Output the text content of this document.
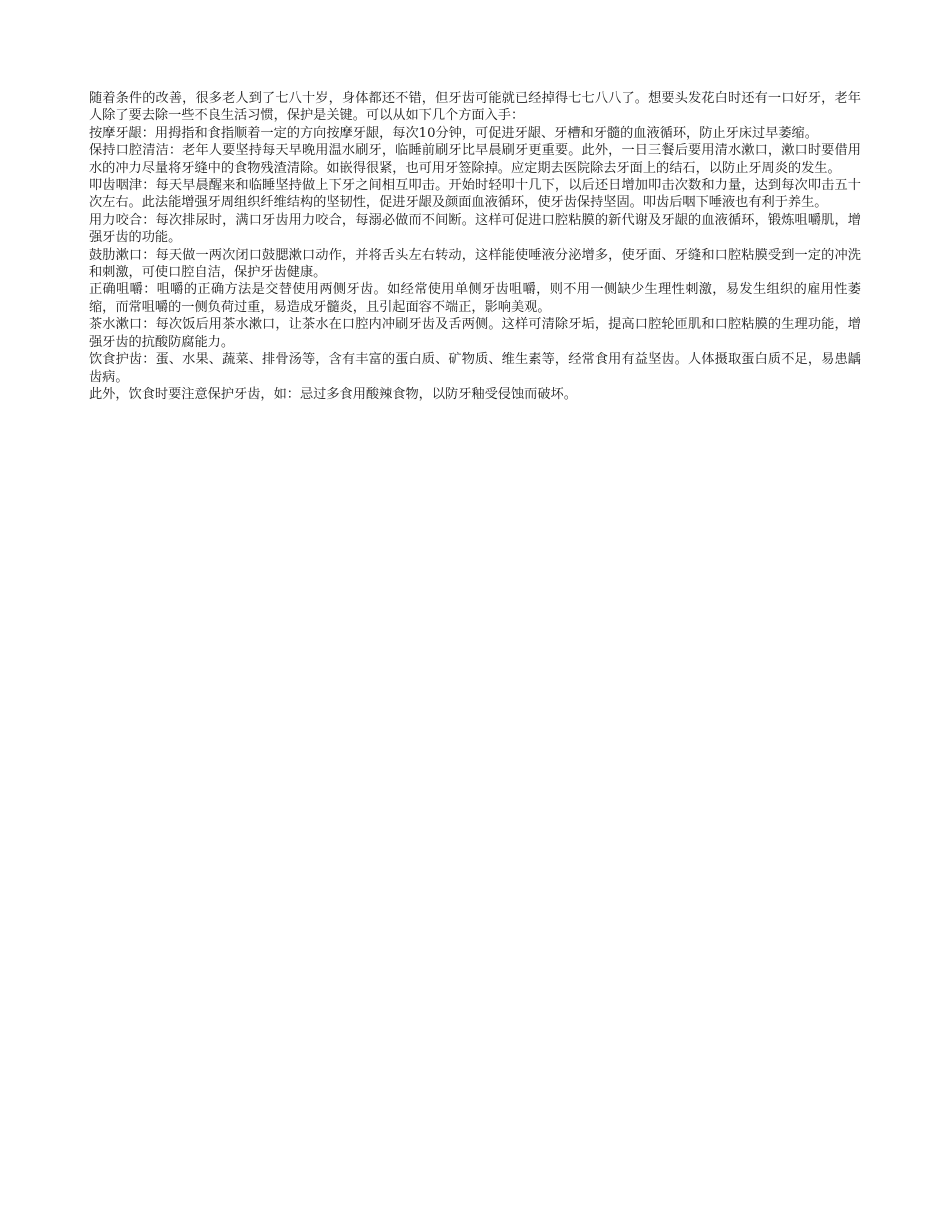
随着条件的改善，很多老人到了七八十岁，身体都还不错，但牙齿可能就已经掉得七七八八了。想要头发花白时还有一口好牙，老年人除了要去除一些不良生活习惯，保护是关键。可以从如下几个方面入手：

按摩牙龈：用拇指和食指顺着一定的方向按摩牙龈，每次10分钟，可促进牙龈、牙槽和牙髓的血液循环，防止牙床过早萎缩。

保持口腔清洁：老年人要坚持每天早晚用温水刷牙，临睡前刷牙比早晨刷牙更重要。此外，一日三餐后要用清水漱口，漱口时要借用水的冲力尽量将牙缝中的食物残渣清除。如嵌得很紧，也可用牙签除掉。应定期去医院除去牙面上的结石，以防止牙周炎的发生。

叩齿咽津：每天早晨醒来和临睡坚持做上下牙之间相互叩击。开始时轻叩十几下，以后还日增加叩击次数和力量，达到每次叩击五十次左右。此法能增强牙周组织纤维结构的坚韧性，促进牙龈及颜面血液循环，使牙齿保持坚固。叩齿后咽下唾液也有利于养生。

用力咬合：每次排尿时，满口牙齿用力咬合，每溺必做而不间断。这样可促进口腔粘膜的新代谢及牙龈的血液循环，锻炼咀嚼肌，增强牙齿的功能。

鼓肋漱口：每天做一两次闭口鼓腮漱口动作，并将舌头左右转动，这样能使唾液分泌增多，使牙面、牙缝和口腔粘膜受到一定的冲洗和刺激，可使口腔自洁，保护牙齿健康。

正确咀嚼：咀嚼的正确方法是交替使用两侧牙齿。如经常使用单侧牙齿咀嚼，则不用一侧缺少生理性刺激，易发生组织的雇用性萎缩，而常咀嚼的一侧负荷过重，易造成牙髓炎，且引起面容不端正，影响美观。

茶水漱口：每次饭后用茶水漱口，让茶水在口腔内冲刷牙齿及舌两侧。这样可清除牙垢，提高口腔轮匝肌和口腔粘膜的生理功能，增强牙齿的抗酸防腐能力。

饮食护齿：蛋、水果、蔬菜、排骨汤等，含有丰富的蛋白质、矿物质、维生素等，经常食用有益坚齿。人体摄取蛋白质不足，易患龋齿病。

此外，饮食时要注意保护牙齿，如：忌过多食用酸辣食物，以防牙釉受侵蚀而破坏。
